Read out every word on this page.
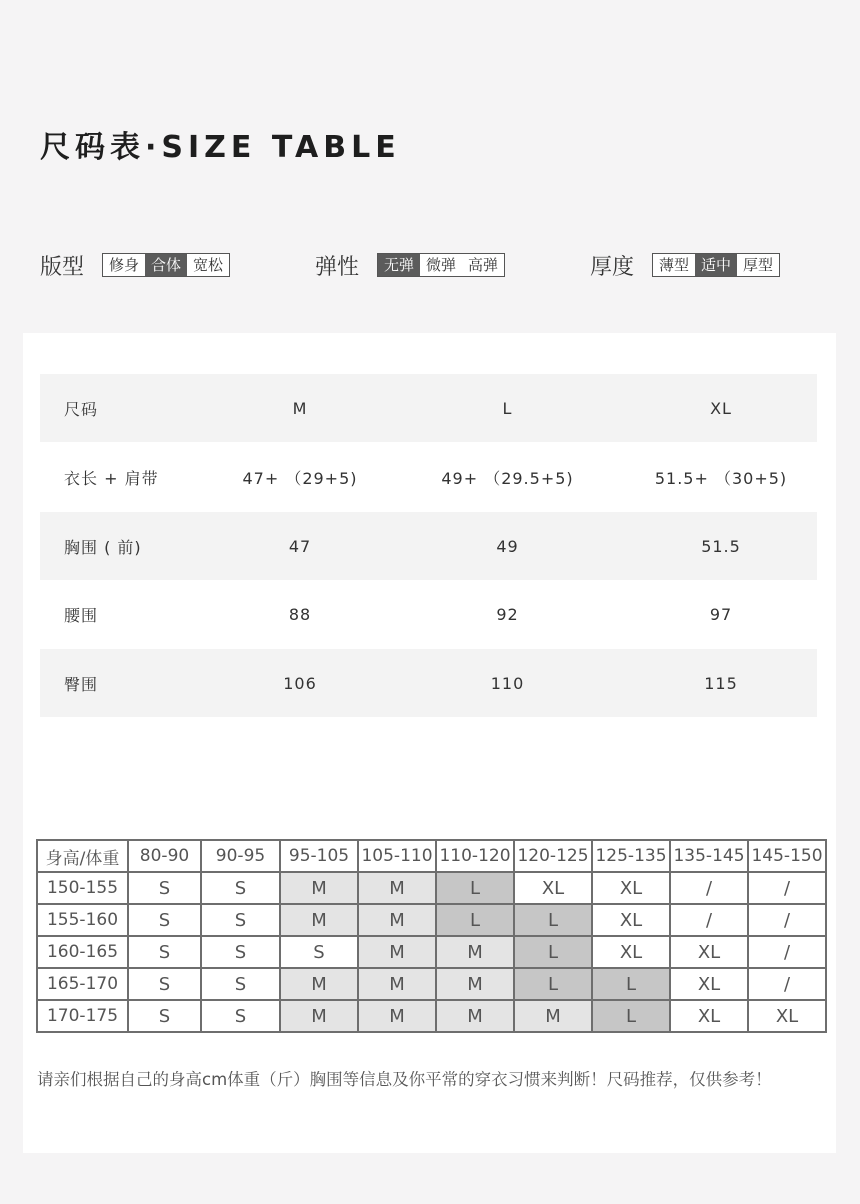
尺码表·SIZE TABLE
版型	修身 合体 宽松	弹性	无弹 微弹 高弹	厚度	薄型 适中 厚型
尺码	M	L	XL
衣长 + 肩带	47+ （29+5)	49+ （29.5+5)	51.5+ （30+5)
胸围 ( 前)	47	49	51.5
腰围	88	92	97
臀围	106	110	115
身高/体重	80-90	90-95	95-105	105-110	110-120	120-125	125-135	135-145	145-150
150-155	S	S	M	M	L	XL	XL	/	/
155-160	S	S	M	M	L	L	XL	/	/
160-165	S	S	S	M	M	L	XL	XL	/
165-170	S	S	M	M	M	L	L	XL	/
170-175	S	S	M	M	M	M	L	XL	XL

请亲们根据自己的身高cm体重（斤）胸围等信息及你平常的穿衣习惯来判断！尺码推荐，仅供参考！
